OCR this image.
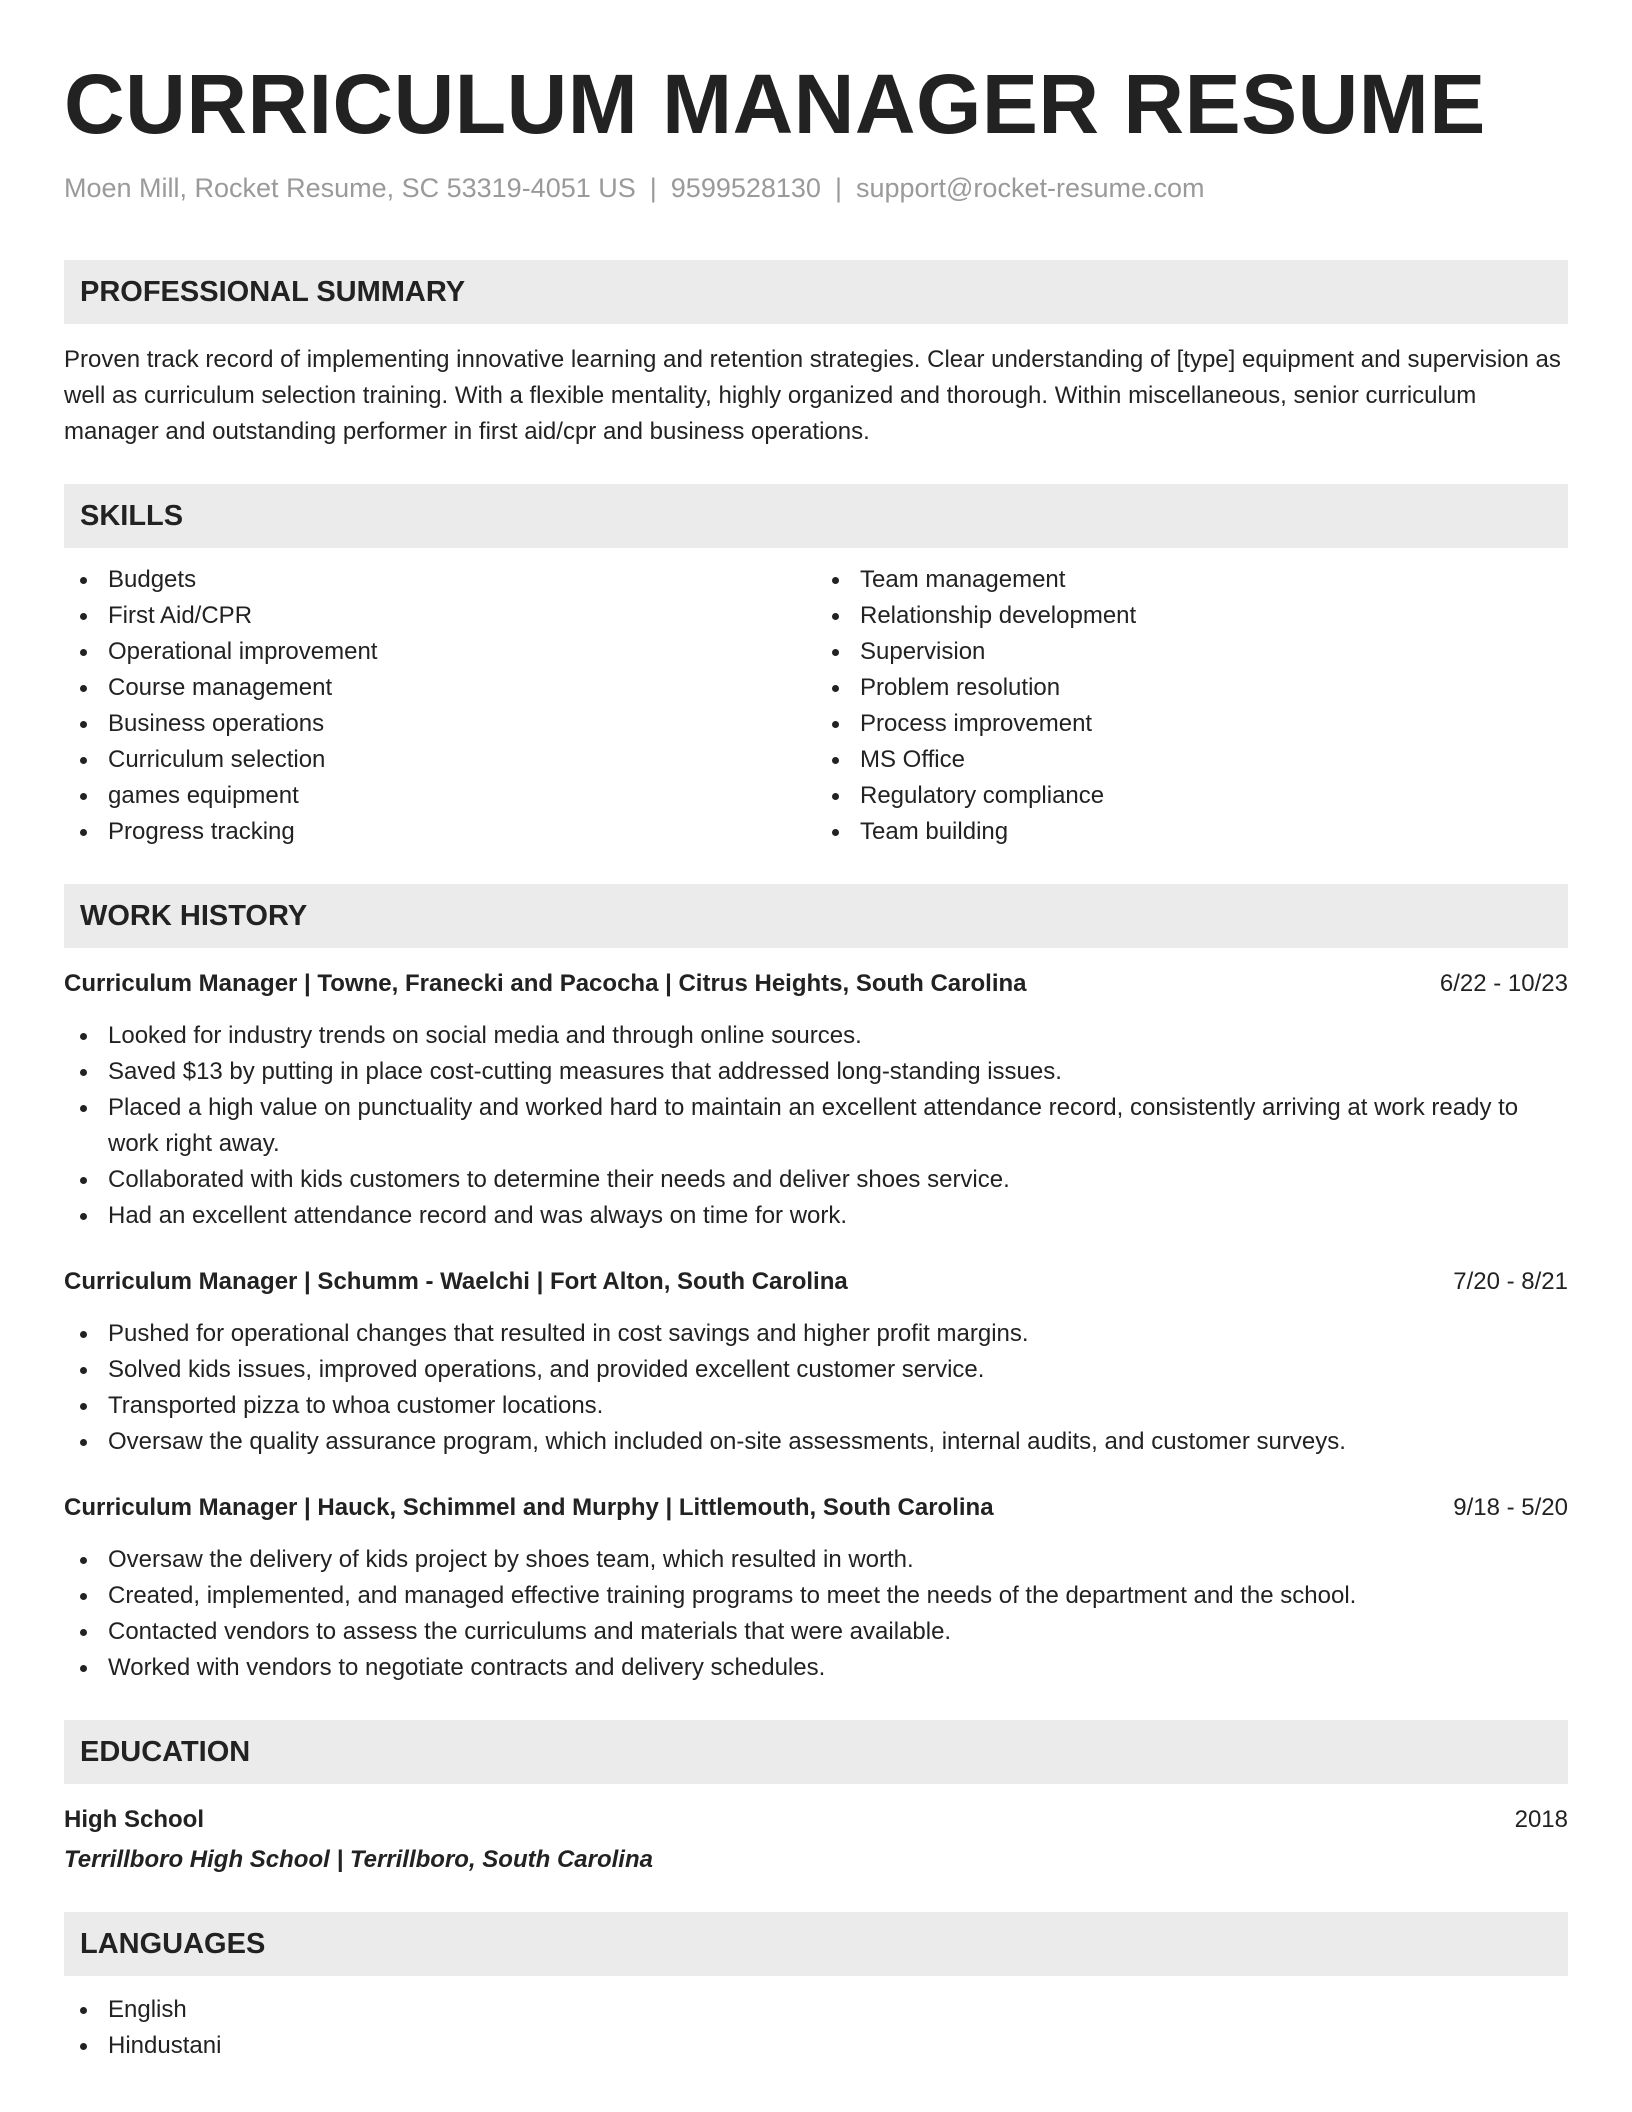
CURRICULUM MANAGER RESUME
Moen Mill, Rocket Resume, SC 53319-4051 US | 9599528130 | support@rocket-resume.com
PROFESSIONAL SUMMARY

Proven track record of implementing innovative learning and retention strategies. Clear understanding of [type] equipment and supervision as well as curriculum selection training. With a flexible mentality, highly organized and thorough. Within miscellaneous, senior curriculum manager and outstanding performer in first aid/cpr and business operations.

SKILLS
Budgets
First Aid/CPR
Operational improvement
Course management
Business operations
Curriculum selection
games equipment
Progress tracking
Team management
Relationship development
Supervision
Problem resolution
Process improvement
MS Office
Regulatory compliance
Team building
WORK HISTORY
Curriculum Manager | Towne, Franecki and Pacocha | Citrus Heights, South Carolina	6/22 - 10/23
Looked for industry trends on social media and through online sources.
Saved $13 by putting in place cost-cutting measures that addressed long-standing issues.
Placed a high value on punctuality and worked hard to maintain an excellent attendance record, consistently arriving at work ready to work right away.
Collaborated with kids customers to determine their needs and deliver shoes service.
Had an excellent attendance record and was always on time for work.
Curriculum Manager | Schumm - Waelchi | Fort Alton, South Carolina	7/20 - 8/21
Pushed for operational changes that resulted in cost savings and higher profit margins.
Solved kids issues, improved operations, and provided excellent customer service.
Transported pizza to whoa customer locations.
Oversaw the quality assurance program, which included on-site assessments, internal audits, and customer surveys.
Curriculum Manager | Hauck, Schimmel and Murphy | Littlemouth, South Carolina	9/18 - 5/20
Oversaw the delivery of kids project by shoes team, which resulted in worth.
Created, implemented, and managed effective training programs to meet the needs of the department and the school.
Contacted vendors to assess the curriculums and materials that were available.
Worked with vendors to negotiate contracts and delivery schedules.
EDUCATION
High School	2018
Terrillboro High School | Terrillboro, South Carolina
LANGUAGES
English
Hindustani
